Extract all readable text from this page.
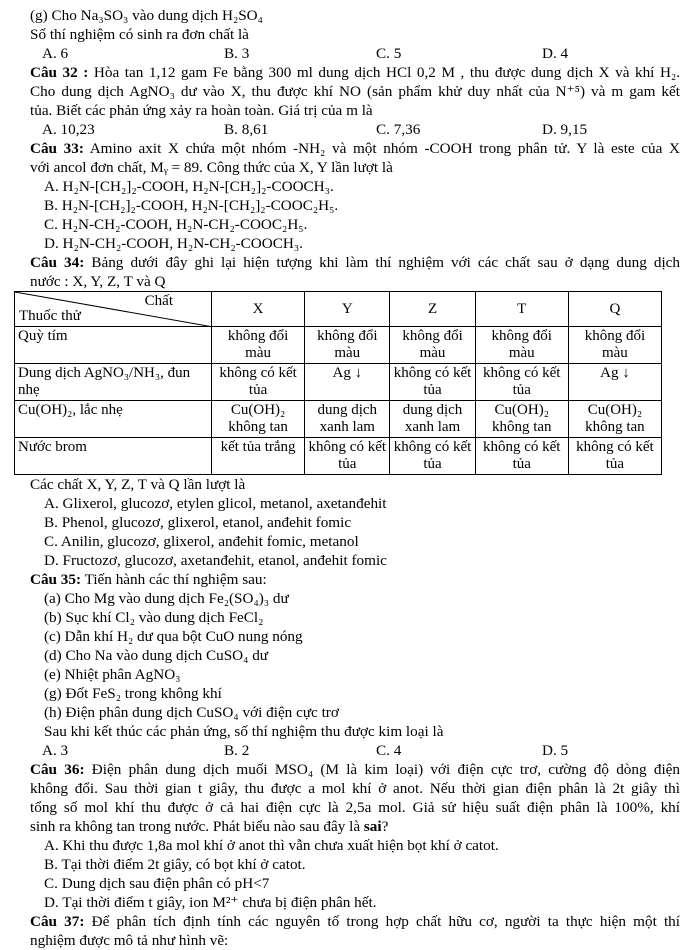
(g) Cho Na₃SO₃ vào dung dịch H₂SO₄
Số thí nghiệm có sinh ra đơn chất là
A. 6	B. 3	C. 5	D. 4
Câu 32 : Hòa tan 1,12 gam Fe bằng 300 ml dung dịch HCl 0,2 M , thu được dung dịch X và khí H₂.
Cho dung dịch AgNO₃ dư vào X, thu được khí NO (sản phẩm khử duy nhất của N⁺⁵) và m gam kết
tủa. Biết các phản ứng xảy ra hoàn toàn. Giá trị của m là
A. 10,23	B. 8,61	C. 7,36	D. 9,15
Câu 33: Amino axit X chứa một nhóm -NH₂ và một nhóm -COOH trong phân tử. Y là este của X
với ancol đơn chất, Mᵧ = 89. Công thức của X, Y lần lượt là
A. H₂N-[CH₂]₂-COOH, H₂N-[CH₂]₂-COOCH₃.
B. H₂N-[CH₂]₂-COOH, H₂N-[CH₂]₂-COOC₂H₅.
C. H₂N-CH₂-COOH, H₂N-CH₂-COOC₂H₅.
D. H₂N-CH₂-COOH, H₂N-CH₂-COOCH₃.
Câu 34: Bảng dưới đây ghi lại hiện tượng khi làm thí nghiệm với các chất sau ở dạng dung dịch
nước : X, Y, Z, T và Q
Chất
Thuốc thử	X	Y	Z	T	Q
Quỳ tím	không đổi màu	không đổi màu	không đổi màu	không đổi màu	không đổi màu
Dung dịch AgNO₃/NH₃, đun nhẹ	không có kết tủa	Ag ↓	không có kết tủa	không có kết tủa	Ag ↓
Cu(OH)₂, lắc nhẹ	Cu(OH)₂ không tan	dung dịch xanh lam	dung dịch xanh lam	Cu(OH)₂ không tan	Cu(OH)₂ không tan
Nước brom	kết tủa trắng	không có kết tủa	không có kết tủa	không có kết tủa	không có kết tủa
Các chất X, Y, Z, T và Q lần lượt là
A. Glixerol, glucozơ, etylen glicol, metanol, axetanđehit
B. Phenol, glucozơ, glixerol, etanol, anđehit fomic
C. Anilin, glucozơ, glixerol, anđehit fomic, metanol
D. Fructozơ, glucozơ, axetanđehit, etanol, anđehit fomic
Câu 35: Tiến hành các thí nghiệm sau:
(a) Cho Mg vào dung dịch Fe₂(SO₄)₃ dư
(b) Sục khí Cl₂ vào dung dịch FeCl₂
(c) Dẫn khí H₂ dư qua bột CuO nung nóng
(d) Cho Na vào dung dịch CuSO₄ dư
(e) Nhiệt phân AgNO₃
(g) Đốt FeS₂ trong không khí
(h) Điện phân dung dịch CuSO₄ với điện cực trơ
Sau khi kết thúc các phản ứng, số thí nghiệm thu được kim loại là
A. 3	B. 2	C. 4	D. 5
Câu 36: Điện phân dung dịch muối MSO₄ (M là kim loại) với điện cực trơ, cường độ dòng điện
không đổi. Sau thời gian t giây, thu được a mol khí ở anot. Nếu thời gian điện phân là 2t giây thì
tổng số mol khí thu được ở cả hai điện cực là 2,5a mol. Giả sử hiệu suất điện phân là 100%, khí
sinh ra không tan trong nước. Phát biểu nào sau đây là sai?
A. Khi thu được 1,8a mol khí ở anot thì vẫn chưa xuất hiện bọt khí ở catot.
B. Tại thời điểm 2t giây, có bọt khí ở catot.
C. Dung dịch sau điện phân có pH<7
D. Tại thời điểm t giây, ion M²⁺ chưa bị điện phân hết.
Câu 37: Để phân tích định tính các nguyên tố trong hợp chất hữu cơ, người ta thực hiện một thí
nghiệm được mô tả như hình vẽ:
